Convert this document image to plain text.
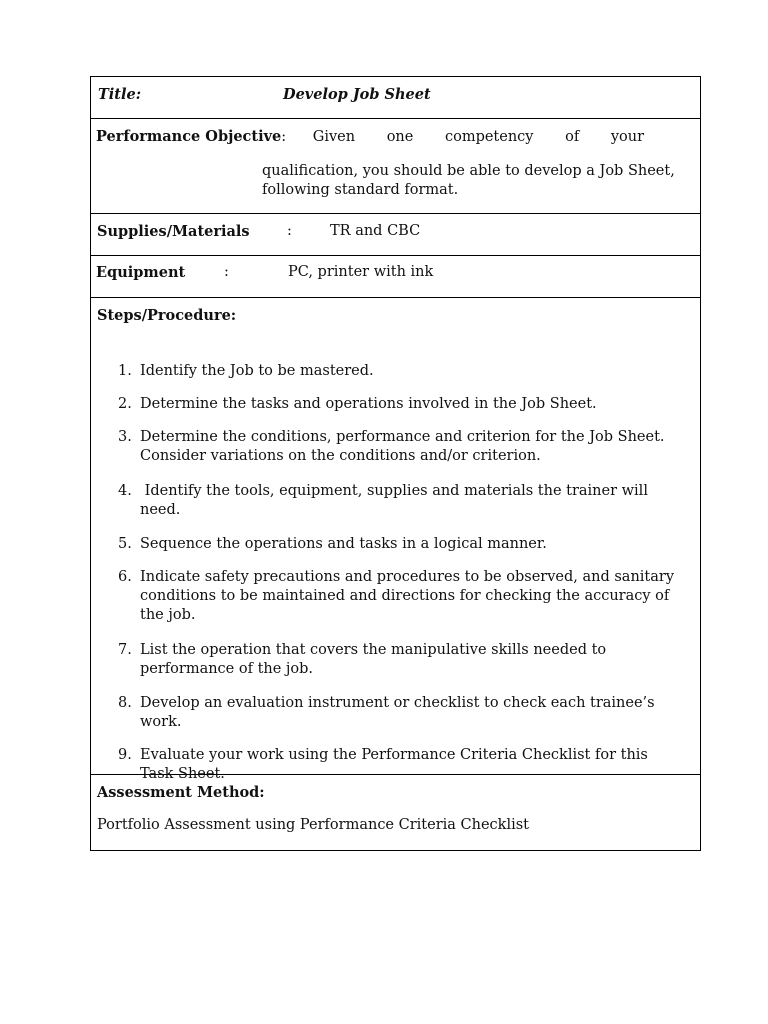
Title:	Develop Job Sheet
Performance Objective: Given one competency of your
qualification, you should be able to develop a Job Sheet,
following standard format.
Supplies/Materials	:	TR and CBC
Equipment	:	PC, printer with ink
Steps/Procedure:
1. Identify the Job to be mastered.
2. Determine the tasks and operations involved in the Job Sheet.
3. Determine the conditions, performance and criterion for the Job Sheet. Consider variations on the conditions and/or criterion.
4. Identify the tools, equipment, supplies and materials the trainer will need.
5. Sequence the operations and tasks in a logical manner.
6. Indicate safety precautions and procedures to be observed, and sanitary conditions to be maintained and directions for checking the accuracy of the job.
7. List the operation that covers the manipulative skills needed to performance of the job.
8. Develop an evaluation instrument or checklist to check each trainee’s work.
9. Evaluate your work using the Performance Criteria Checklist for this Task Sheet.
Assessment Method:
Portfolio Assessment using Performance Criteria Checklist
